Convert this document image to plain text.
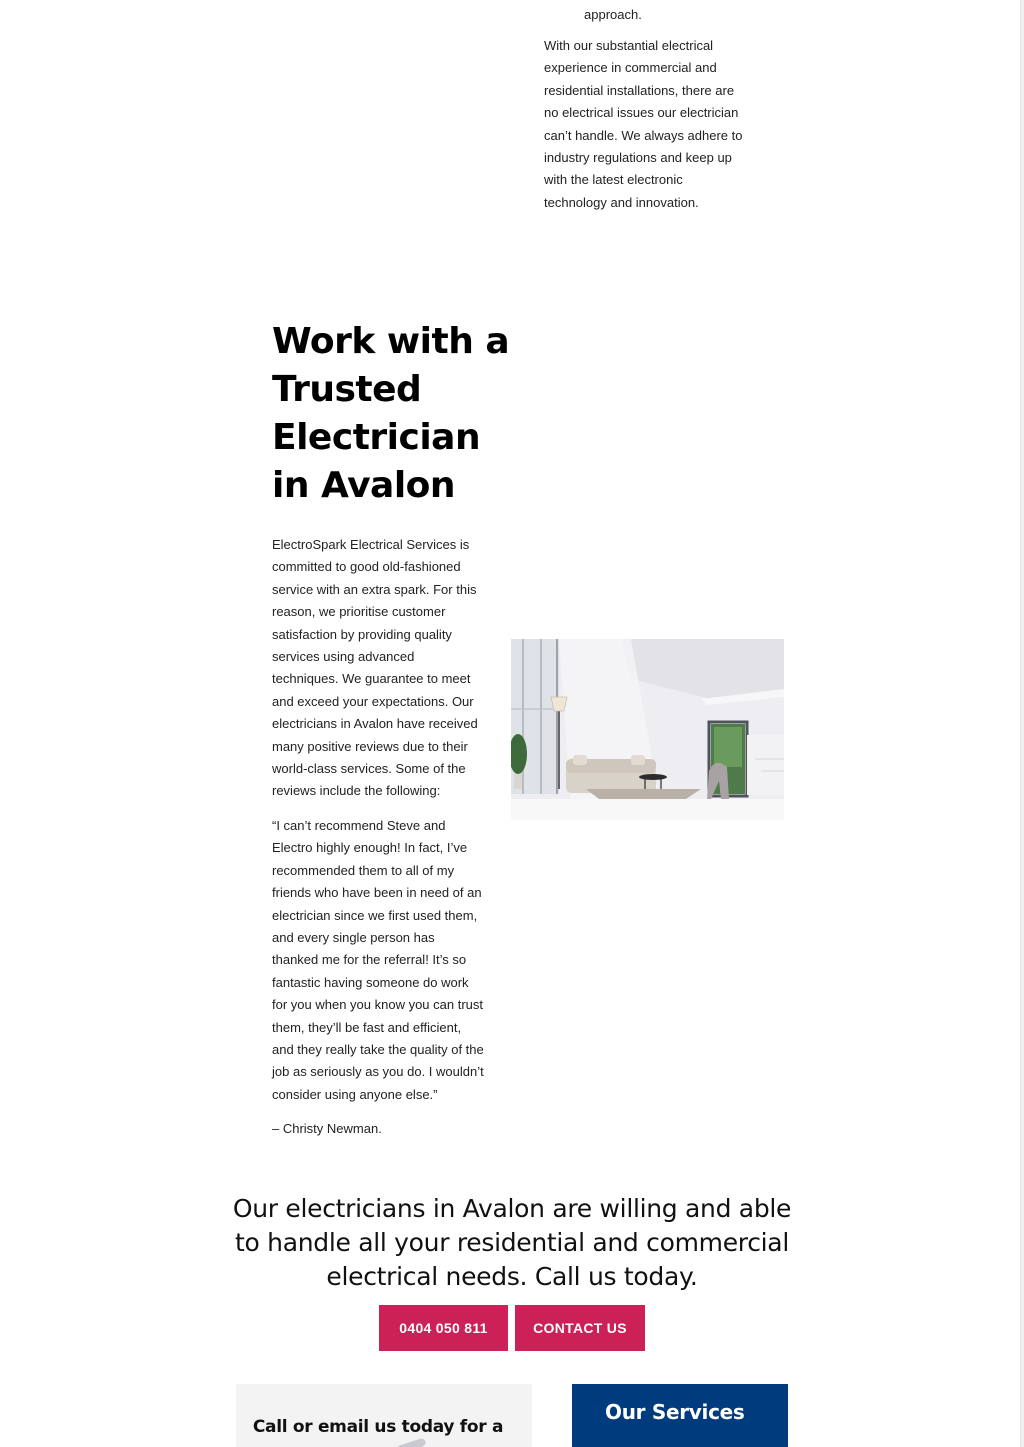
approach.

With our substantial electrical experience in commercial and residential installations, there are no electrical issues our electrician can’t handle. We always adhere to industry regulations and keep up with the latest electronic technology and innovation.

Work with a Trusted Electrician in Avalon

ElectroSpark Electrical Services is committed to good old-fashioned service with an extra spark. For this reason, we prioritise customer satisfaction by providing quality services using advanced techniques. We guarantee to meet and exceed your expectations. Our electricians in Avalon have received many positive reviews due to their world-class services. Some of the reviews include the following:

“I can’t recommend Steve and Electro highly enough! In fact, I’ve recommended them to all of my friends who have been in need of an electrician since we first used them, and every single person has thanked me for the referral! It’s so fantastic having someone do work for you when you know you can trust them, they’ll be fast and efficient, and they really take the quality of the job as seriously as you do. I wouldn’t consider using anyone else.”

– Christy Newman.

Our electricians in Avalon are willing and able to handle all your residential and commercial electrical needs. Call us today.

0404 050 811	CONTACT US
Call or email us today for a
Our Services
